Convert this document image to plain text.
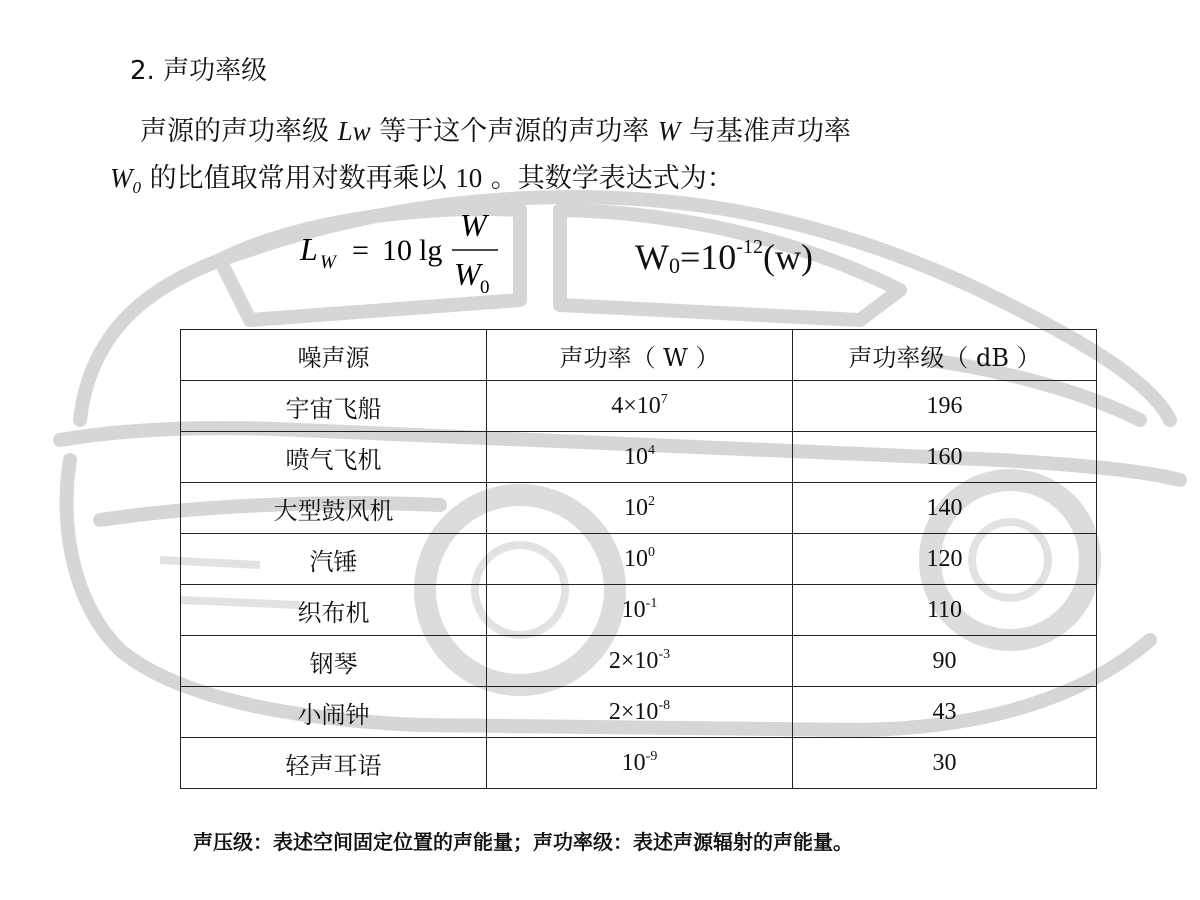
2. 声功率级
声源的声功率级 Lw 等于这个声源的声功率 W 与基准声功率
$W_0$ 的比值取常用对数再乘以 10 。其数学表达式为：
L W = 10 lg
W
W 0
$W_0=10^{-12}(w)$
噪声源	声功率（ W ）	声功率级（ dB ）
宇宙飞船	$4\times 10^7$	196
喷气飞机	$10^4$	160
大型鼓风机	$10^2$	140
汽锤	$10^0$	120
织布机	$10^{-1}$	110
钢琴	$2\times 10^{-3}$	90
小闹钟	$2\times 10^{-8}$	43
轻声耳语	$10^{-9}$	30
声压级：表述空间固定位置的声能量；声功率级：表述声源辐射的声能量。
